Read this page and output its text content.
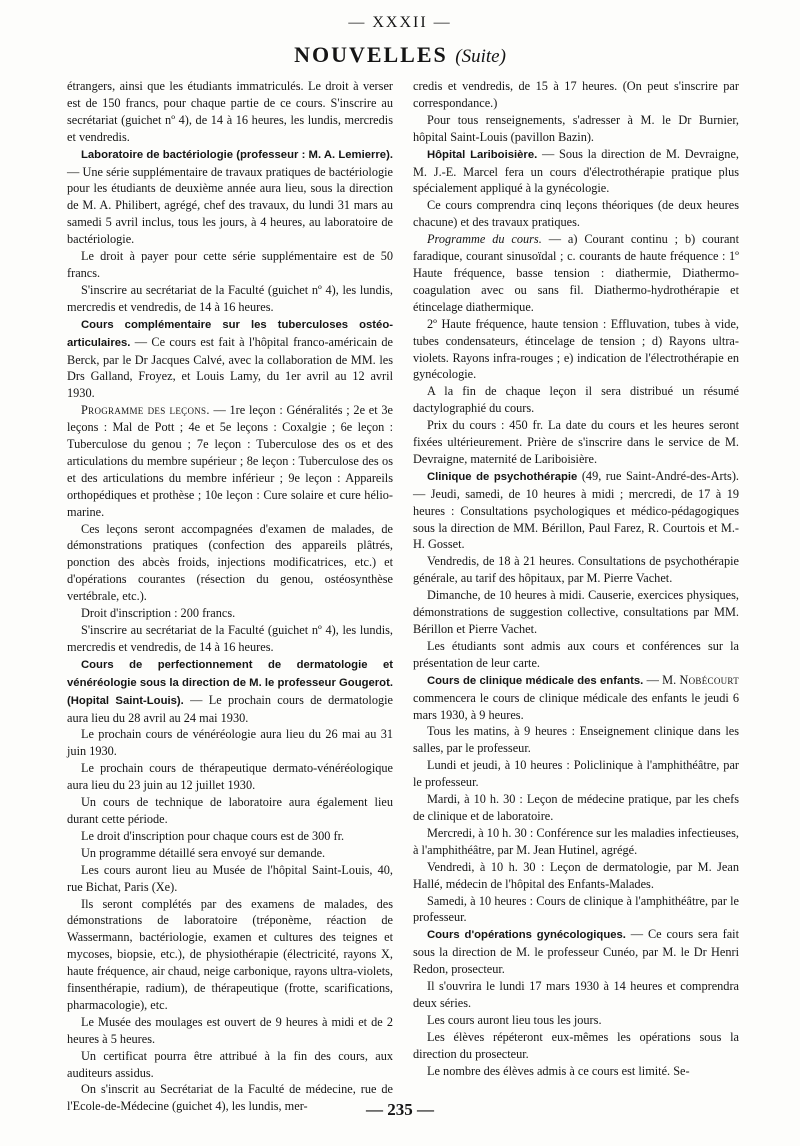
— XXXII —
NOUVELLES (Suite)

étrangers, ainsi que les étudiants immatriculés. Le droit à verser est de 150 francs, pour chaque partie de ce cours. S'inscrire au secrétariat (guichet nº 4), de 14 à 16 heures, les lundis, mercredis et vendredis.

Laboratoire de bactériologie (professeur : M. A. Lemierre). — Une série supplémentaire de travaux pratiques de bactériologie pour les étudiants de deuxième année aura lieu, sous la direction de M. A. Philibert, agrégé, chef des travaux, du lundi 31 mars au samedi 5 avril inclus, tous les jours, à 4 heures, au laboratoire de bactériologie.

Le droit à payer pour cette série supplémentaire est de 50 francs.

S'inscrire au secrétariat de la Faculté (guichet nº 4), les lundis, mercredis et vendredis, de 14 à 16 heures.

Cours complémentaire sur les tuberculoses ostéo-articulaires. — Ce cours est fait à l'hôpital franco-américain de Berck, par le Dr Jacques Calvé, avec la collaboration de MM. les Drs Galland, Froyez, et Louis Lamy, du 1er avril au 12 avril 1930.

Programme des leçons. — 1re leçon : Généralités ; 2e et 3e leçons : Mal de Pott ; 4e et 5e leçons : Coxalgie ; 6e leçon : Tuberculose du genou ; 7e leçon : Tuberculose des os et des articulations du membre supérieur ; 8e leçon : Tuberculose des os et des articulations du membre inférieur ; 9e leçon : Appareils orthopédiques et prothèse ; 10e leçon : Cure solaire et cure hélio-marine.

Ces leçons seront accompagnées d'examen de malades, de démonstrations pratiques (confection des appareils plâtrés, ponction des abcès froids, injections modificatrices, etc.) et d'opérations courantes (résection du genou, ostéosynthèse vertébrale, etc.).

Droit d'inscription : 200 francs.

S'inscrire au secrétariat de la Faculté (guichet nº 4), les lundis, mercredis et vendredis, de 14 à 16 heures.

Cours de perfectionnement de dermatologie et vénéréologie sous la direction de M. le professeur Gougerot. (Hopital Saint-Louis). — Le prochain cours de dermatologie aura lieu du 28 avril au 24 mai 1930.

Le prochain cours de vénéréologie aura lieu du 26 mai au 31 juin 1930.

Le prochain cours de thérapeutique dermato-vénéréologique aura lieu du 23 juin au 12 juillet 1930.

Un cours de technique de laboratoire aura également lieu durant cette période.

Le droit d'inscription pour chaque cours est de 300 fr.

Un programme détaillé sera envoyé sur demande.

Les cours auront lieu au Musée de l'hôpital Saint-Louis, 40, rue Bichat, Paris (Xe).

Ils seront complétés par des examens de malades, des démonstrations de laboratoire (tréponème, réaction de Wassermann, bactériologie, examen et cultures des teignes et mycoses, biopsie, etc.), de physiothérapie (électricité, rayons X, haute fréquence, air chaud, neige carbonique, rayons ultra-violets, finsenthérapie, radium), de thérapeutique (frotte, scarifications, pharmacologie), etc.

Le Musée des moulages est ouvert de 9 heures à midi et de 2 heures à 5 heures.

Un certificat pourra être attribué à la fin des cours, aux auditeurs assidus.

On s'inscrit au Secrétariat de la Faculté de médecine, rue de l'Ecole-de-Médecine (guichet 4), les lundis, mer-

credis et vendredis, de 15 à 17 heures. (On peut s'inscrire par correspondance.)

Pour tous renseignements, s'adresser à M. le Dr Burnier, hôpital Saint-Louis (pavillon Bazin).

Hôpital Lariboisière. — Sous la direction de M. Devraigne, M. J.-E. Marcel fera un cours d'électrothérapie pratique plus spécialement appliqué à la gynécologie.

Ce cours comprendra cinq leçons théoriques (de deux heures chacune) et des travaux pratiques.

Programme du cours. — a) Courant continu ; b) courant faradique, courant sinusoïdal ; c. courants de haute fréquence : 1º Haute fréquence, basse tension : diathermie, Diathermo-coagulation avec ou sans fil. Diathermo-hydrothérapie et étincelage diathermique.

2º Haute fréquence, haute tension : Effluvation, tubes à vide, tubes condensateurs, étincelage de tension ; d) Rayons ultra-violets. Rayons infra-rouges ; e) indication de l'électrothérapie en gynécologie.

A la fin de chaque leçon il sera distribué un résumé dactylographié du cours.

Prix du cours : 450 fr. La date du cours et les heures seront fixées ultérieurement. Prière de s'inscrire dans le service de M. Devraigne, maternité de Lariboisière.

Clinique de psychothérapie (49, rue Saint-André-des-Arts). — Jeudi, samedi, de 10 heures à midi ; mercredi, de 17 à 19 heures : Consultations psychologiques et médico-pédagogiques sous la direction de MM. Bérillon, Paul Farez, R. Courtois et M.-H. Gosset.

Vendredis, de 18 à 21 heures. Consultations de psychothérapie générale, au tarif des hôpitaux, par M. Pierre Vachet.

Dimanche, de 10 heures à midi. Causerie, exercices physiques, démonstrations de suggestion collective, consultations par MM. Bérillon et Pierre Vachet.

Les étudiants sont admis aux cours et conférences sur la présentation de leur carte.

Cours de clinique médicale des enfants. — M. Nobécourt commencera le cours de clinique médicale des enfants le jeudi 6 mars 1930, à 9 heures.

Tous les matins, à 9 heures : Enseignement clinique dans les salles, par le professeur.

Lundi et jeudi, à 10 heures : Policlinique à l'amphithéâtre, par le professeur.

Mardi, à 10 h. 30 : Leçon de médecine pratique, par les chefs de clinique et de laboratoire.

Mercredi, à 10 h. 30 : Conférence sur les maladies infectieuses, à l'amphithéâtre, par M. Jean Hutinel, agrégé.

Vendredi, à 10 h. 30 : Leçon de dermatologie, par M. Jean Hallé, médecin de l'hôpital des Enfants-Malades.

Samedi, à 10 heures : Cours de clinique à l'amphithéâtre, par le professeur.

Cours d'opérations gynécologiques. — Ce cours sera fait sous la direction de M. le professeur Cunéo, par M. le Dr Henri Redon, prosecteur.

Il s'ouvrira le lundi 17 mars 1930 à 14 heures et comprendra deux séries.

Les cours auront lieu tous les jours.

Les élèves répéteront eux-mêmes les opérations sous la direction du prosecteur.

Le nombre des élèves admis à ce cours est limité. Se-

— 235 —
